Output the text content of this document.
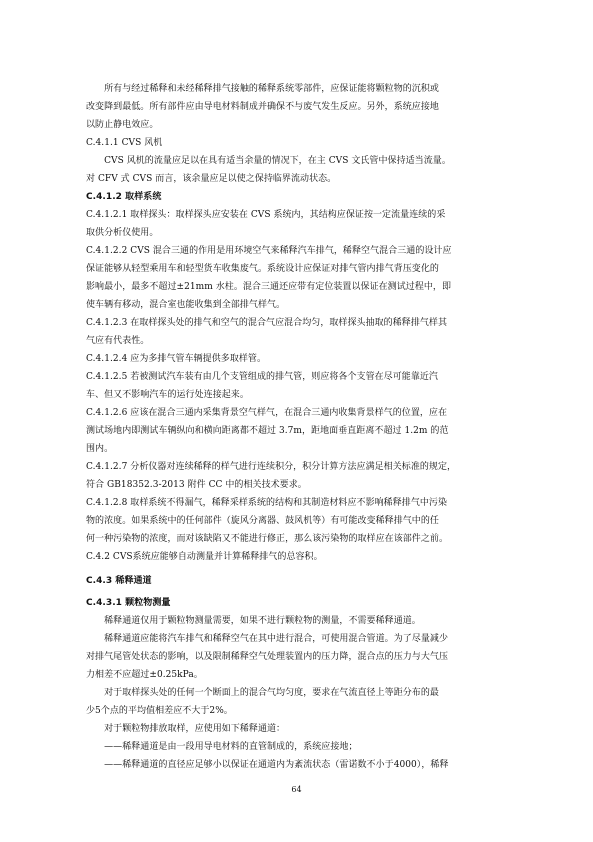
　　所有与经过稀释和未经稀释排气接触的稀释系统零部件，应保证能将颗粒物的沉积或
改变降到最低。所有部件应由导电材料制成并确保不与废气发生反应。另外，系统应接地
以防止静电效应。
C.4.1.1 CVS 风机
　　CVS 风机的流量应足以在具有适当余量的情况下，在主 CVS 文氏管中保持适当流量。
对 CFV 式 CVS 而言，该余量应足以使之保持临界流动状态。
C.4.1.2 取样系统
C.4.1.2.1 取样探头：取样探头应安装在 CVS 系统内，其结构应保证按一定流量连续的采
取供分析仪使用。
C.4.1.2.2 CVS 混合三通的作用是用环境空气来稀释汽车排气，稀释空气混合三通的设计应
保证能够从轻型乘用车和轻型货车收集废气。系统设计应保证对排气管内排气背压变化的
影响最小，最多不超过±21mm 水柱。混合三通还应带有定位装置以保证在测试过程中，即
使车辆有移动，混合室也能收集到全部排气样气。
C.4.1.2.3 在取样探头处的排气和空气的混合气应混合均匀，取样探头抽取的稀释排气样其
气应有代表性。
C.4.1.2.4 应为多排气管车辆提供多取样管。
C.4.1.2.5 若被测试汽车装有由几个支管组成的排气管，则应将各个支管在尽可能靠近汽
车、但又不影响汽车的运行处连接起来。
C.4.1.2.6 应该在混合三通内采集背景空气样气，在混合三通内收集背景样气的位置，应在
测试场地内即测试车辆纵向和横向距离都不超过 3.7m，距地面垂直距离不超过 1.2m 的范
围内。
C.4.1.2.7 分析仪器对连续稀释的样气进行连续积分，积分计算方法应满足相关标准的规定，
符合 GB18352.3-2013 附件 CC 中的相关技术要求。
C.4.1.2.8 取样系统不得漏气，稀释采样系统的结构和其制造材料应不影响稀释排气中污染
物的浓度。如果系统中的任何部件（旋风分离器、鼓风机等）有可能改变稀释排气中的任
何一种污染物的浓度，而对该缺陷又不能进行修正，那么该污染物的取样应在该部件之前。
C.4.2 CVS系统应能够自动测量并计算稀释排气的总容积。
C.4.3 稀释通道
C.4.3.1 颗粒物测量
　　稀释通道仅用于颗粒物测量需要，如果不进行颗粒物的测量，不需要稀释通道。
　　稀释通道应能将汽车排气和稀释空气在其中进行混合，可使用混合管道。为了尽量减少
对排气尾管处状态的影响，以及限制稀释空气处理装置内的压力降，混合点的压力与大气压
力相差不应超过±0.25kPa。
　　对于取样探头处的任何一个断面上的混合气均匀度，要求在气流直径上等距分布的最
少5个点的平均值相差应不大于2%。
　　对于颗粒物排放取样，应使用如下稀释通道：
　　——稀释通道是由一段用导电材料的直管制成的，系统应接地；
　　——稀释通道的直径应足够小以保证在通道内为紊流状态（雷诺数不小于4000），稀释
64
